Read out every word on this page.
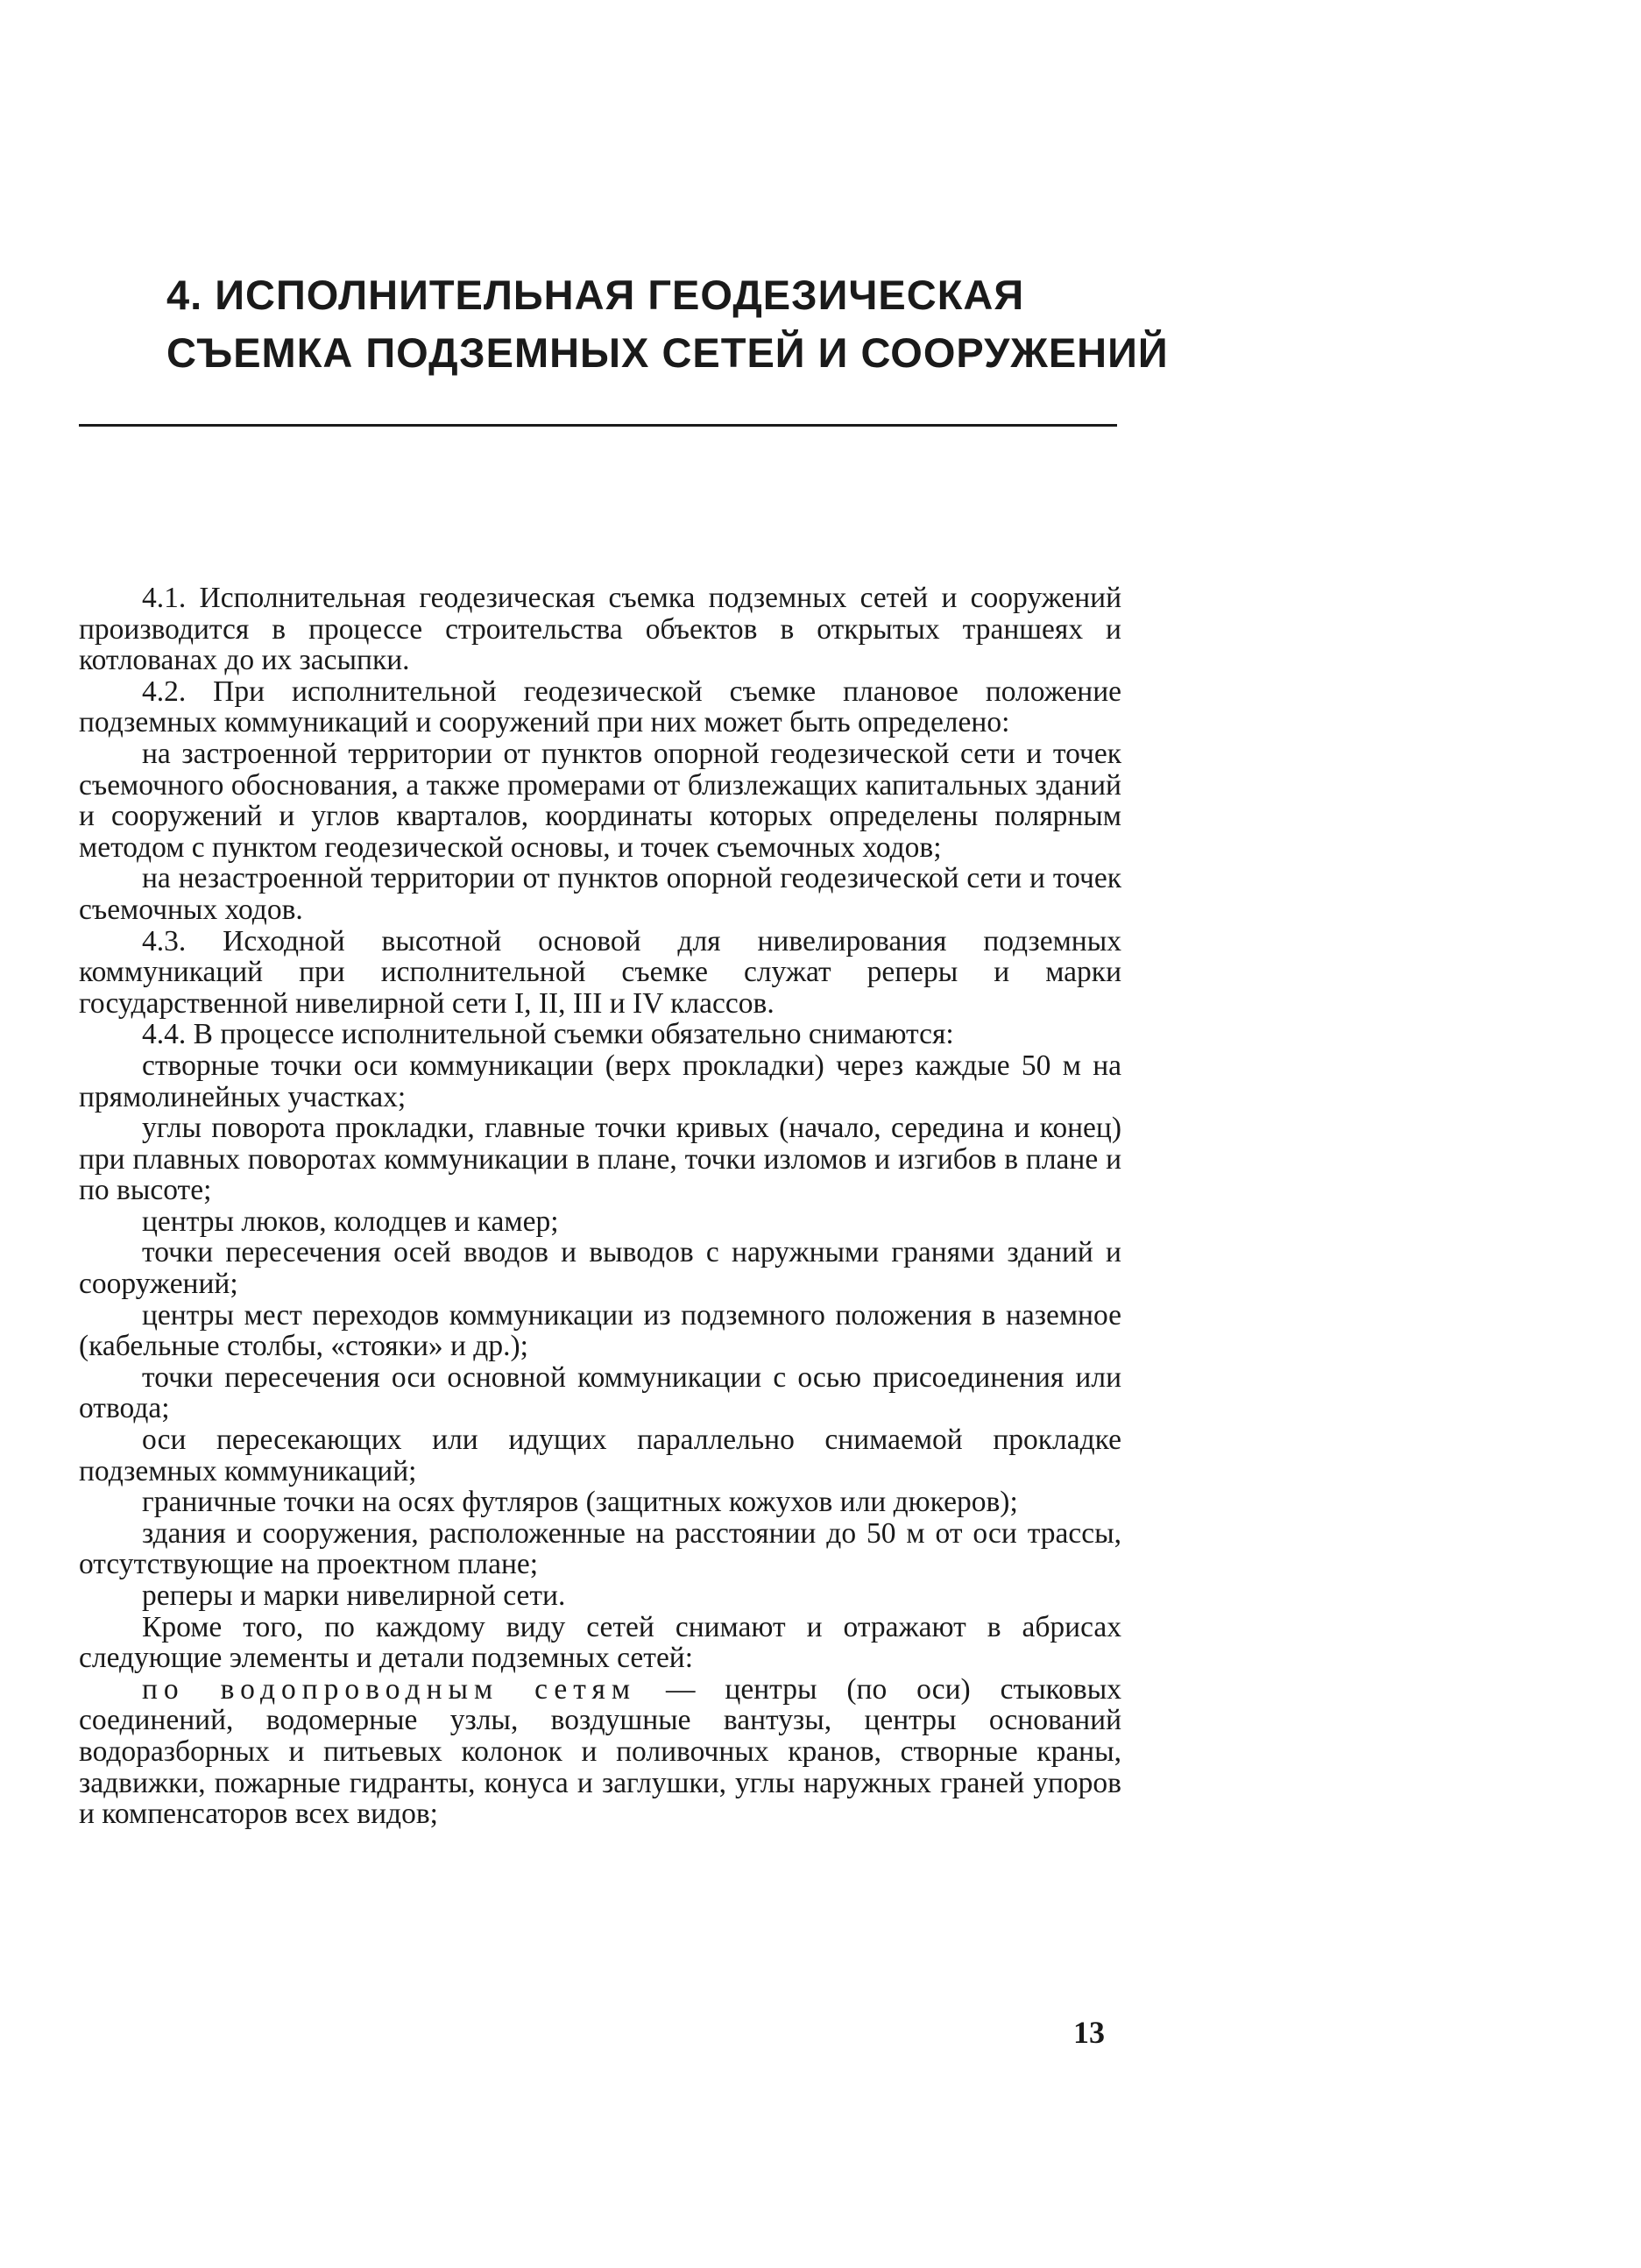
4. ИСПОЛНИТЕЛЬНАЯ ГЕОДЕЗИЧЕСКАЯ
СЪЕМКА ПОДЗЕМНЫХ СЕТЕЙ И СООРУЖЕНИЙ

4.1. Исполнительная геодезическая съемка подземных сетей и сооружений производится в процессе строительства объектов в открытых траншеях и котлованах до их засыпки.

4.2. При исполнительной геодезической съемке плановое положение подземных коммуникаций и сооружений при них может быть определено:

на застроенной территории от пунктов опорной геодезической сети и точек съемочного обоснования, а также промерами от близлежащих капитальных зданий и сооружений и углов кварталов, координаты которых определены полярным методом с пунктом геодезической основы, и точек съемочных ходов;

на незастроенной территории от пунктов опорной геодезической сети и точек съемочных ходов.

4.3. Исходной высотной основой для нивелирования подземных коммуникаций при исполнительной съемке служат реперы и марки государственной нивелирной сети I, II, III и IV классов.

4.4. В процессе исполнительной съемки обязательно снимаются:

створные точки оси коммуникации (верх прокладки) через каждые 50 м на прямолинейных участках;

углы поворота прокладки, главные точки кривых (начало, середина и конец) при плавных поворотах коммуникации в плане, точки изломов и изгибов в плане и по высоте;

центры люков, колодцев и камер;

точки пересечения осей вводов и выводов с наружными гранями зданий и сооружений;

центры мест переходов коммуникации из подземного положения в наземное (кабельные столбы, «стояки» и др.);

точки пересечения оси основной коммуникации с осью присоединения или отвода;

оси пересекающих или идущих параллельно снимаемой прокладке подземных коммуникаций;

граничные точки на осях футляров (защитных кожухов или дюкеров);

здания и сооружения, расположенные на расстоянии до 50 м от оси трассы, отсутствующие на проектном плане;

реперы и марки нивелирной сети.

Кроме того, по каждому виду сетей снимают и отражают в абрисах следующие элементы и детали подземных сетей:

по водопроводным сетям — центры (по оси) стыковых соединений, водомерные узлы, воздушные вантузы, центры оснований водоразборных и питьевых колонок и поливочных кранов, створные краны, задвижки, пожарные гидранты, конуса и заглушки, углы наружных граней упоров и компенсаторов всех видов;

13
